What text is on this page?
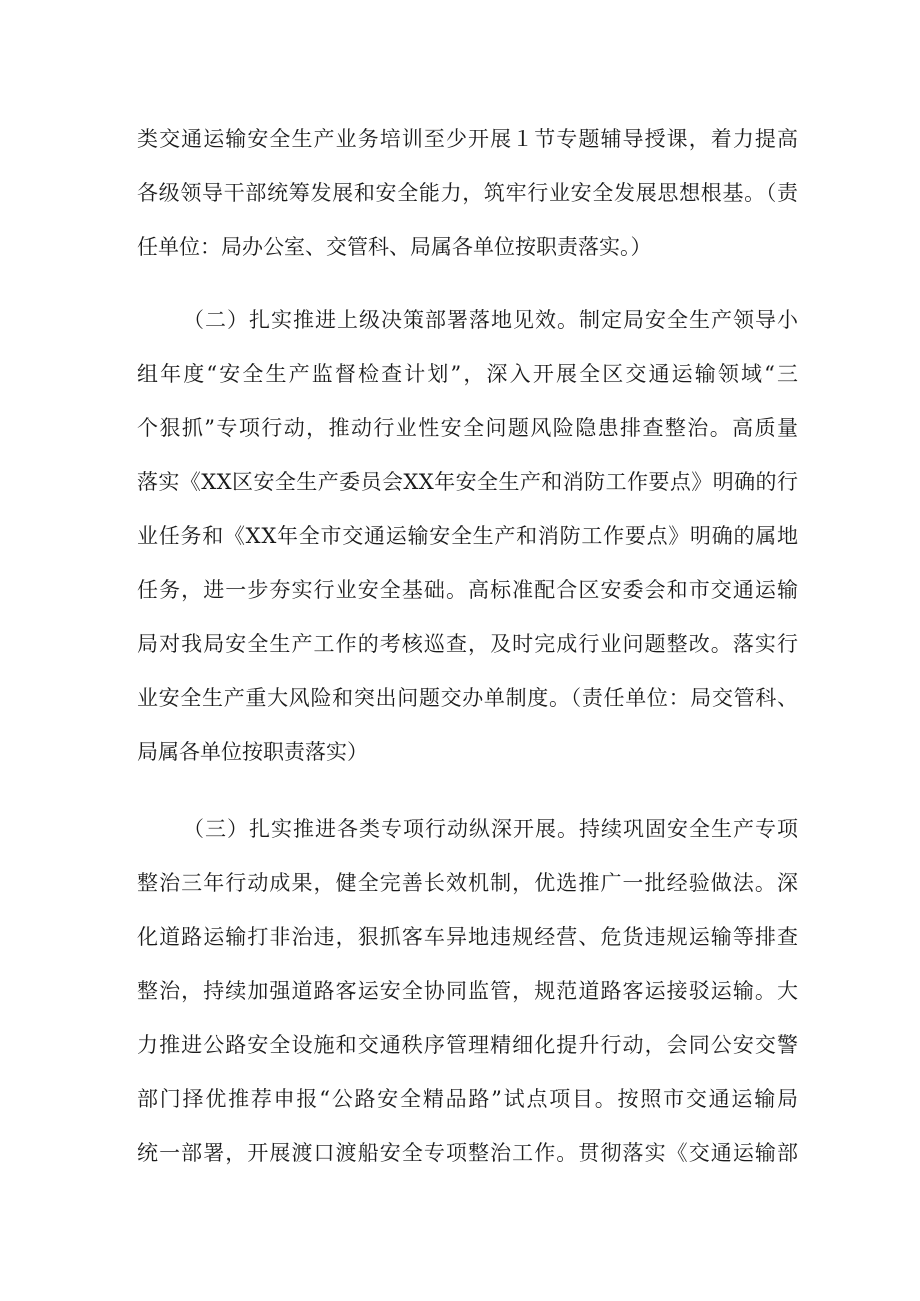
类交通运输安全生产业务培训至少开展１节专题辅导授课，着力提高
各级领导干部统筹发展和安全能力，筑牢行业安全发展思想根基。（责
任单位：局办公室、交管科、局属各单位按职责落实。）
（二）扎实推进上级决策部署落地见效。制定局安全生产领导小
组年度“安全生产监督检查计划”，深入开展全区交通运输领域“三
个狠抓”专项行动，推动行业性安全问题风险隐患排查整治。高质量
落实《XX区安全生产委员会XX年安全生产和消防工作要点》明确的行
业任务和《XX年全市交通运输安全生产和消防工作要点》明确的属地
任务，进一步夯实行业安全基础。高标准配合区安委会和市交通运输
局对我局安全生产工作的考核巡查，及时完成行业问题整改。落实行
业安全生产重大风险和突出问题交办单制度。（责任单位：局交管科、
局属各单位按职责落实）
（三）扎实推进各类专项行动纵深开展。持续巩固安全生产专项
整治三年行动成果，健全完善长效机制，优选推广一批经验做法。深
化道路运输打非治违，狠抓客车异地违规经营、危货违规运输等排查
整治，持续加强道路客运安全协同监管，规范道路客运接驳运输。大
力推进公路安全设施和交通秩序管理精细化提升行动，会同公安交警
部门择优推荐申报“公路安全精品路”试点项目。按照市交通运输局
统一部署，开展渡口渡船安全专项整治工作。贯彻落实《交通运输部
